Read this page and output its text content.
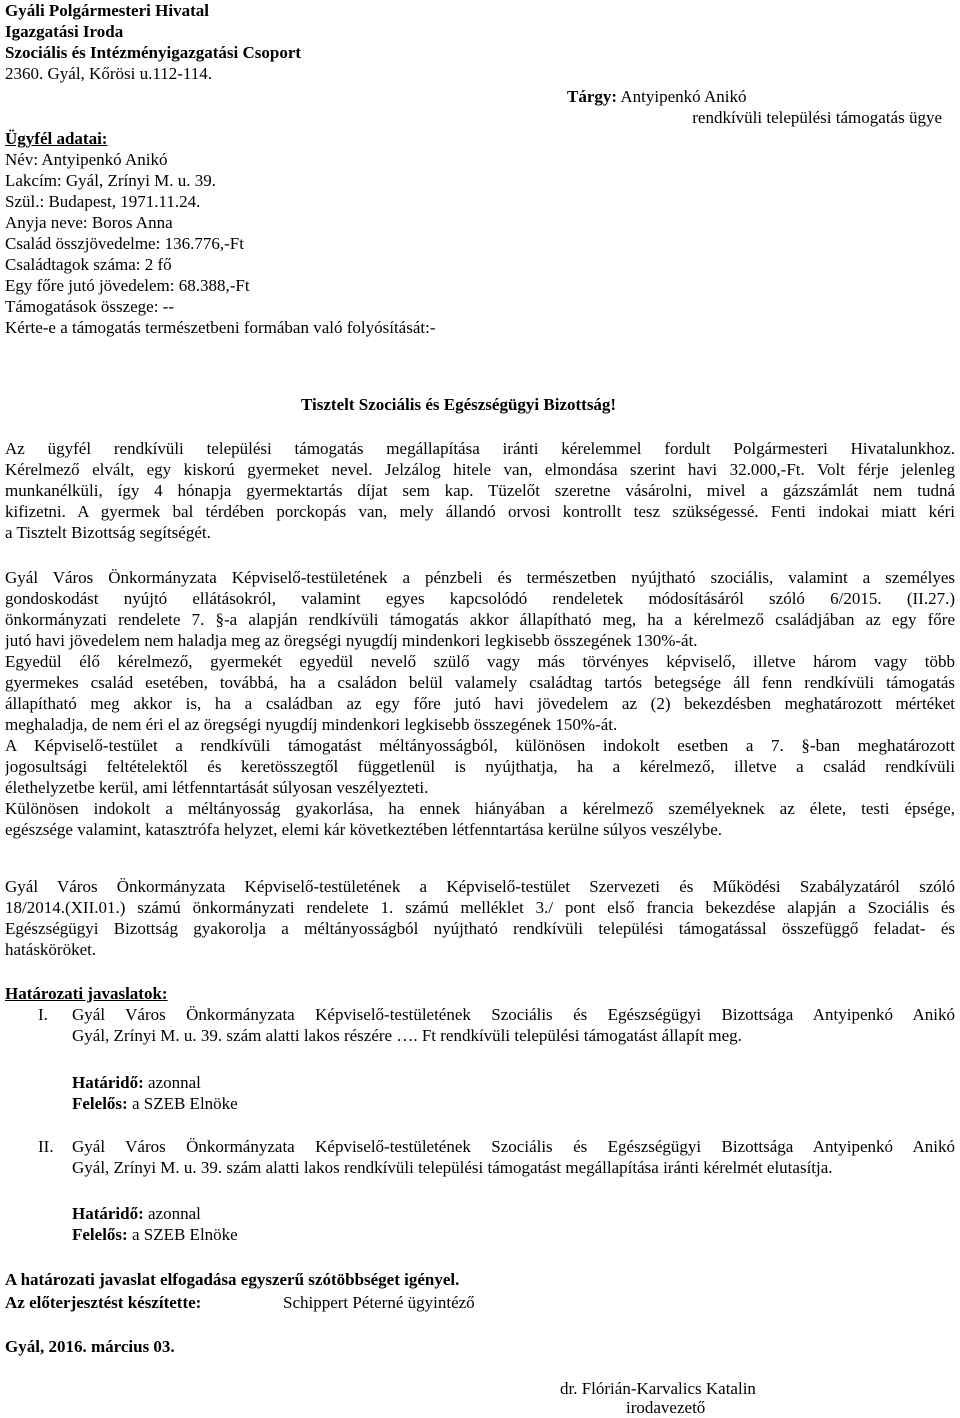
Gyáli Polgármesteri Hivatal
Igazgatási Iroda
Szociális és Intézményigazgatási Csoport
2360. Gyál, Kőrösi u.112-114.
Tárgy: Antyipenkó Anikó
rendkívüli települési támogatás ügye
Ügyfél adatai:
Név: Antyipenkó Anikó
Lakcím: Gyál, Zrínyi M. u. 39.
Szül.: Budapest, 1971.11.24.
Anyja neve: Boros Anna
Család összjövedelme: 136.776,-Ft
Családtagok száma: 2 fő
Egy főre jutó jövedelem: 68.388,-Ft
Támogatások összege: --
Kérte-e a támogatás természetbeni formában való folyósítását:-
Tisztelt Szociális és Egészségügyi Bizottság!
Az ügyfél rendkívüli települési támogatás megállapítása iránti kérelemmel fordult Polgármesteri Hivatalunkhoz.
Kérelmező elvált, egy kiskorú gyermeket nevel. Jelzálog hitele van, elmondása szerint havi 32.000,-Ft. Volt férje jelenleg
munkanélküli, így 4 hónapja gyermektartás díjat sem kap. Tüzelőt szeretne vásárolni, mivel a gázszámlát nem tudná
kifizetni. A gyermek bal térdében porckopás van, mely állandó orvosi kontrollt tesz szükségessé. Fenti indokai miatt kéri
a Tisztelt Bizottság segítségét.
Gyál Város Önkormányzata Képviselő-testületének a pénzbeli és természetben nyújtható szociális, valamint a személyes
gondoskodást nyújtó ellátásokról, valamint egyes kapcsolódó rendeletek módosításáról szóló 6/2015. (II.27.)
önkormányzati rendelete 7. §-a alapján rendkívüli támogatás akkor állapítható meg, ha a kérelmező családjában az egy főre
jutó havi jövedelem nem haladja meg az öregségi nyugdíj mindenkori legkisebb összegének 130%-át.
Egyedül élő kérelmező, gyermekét egyedül nevelő szülő vagy más törvényes képviselő, illetve három vagy több
gyermekes család esetében, továbbá, ha a családon belül valamely családtag tartós betegsége áll fenn rendkívüli támogatás
állapítható meg akkor is, ha a családban az egy főre jutó havi jövedelem az (2) bekezdésben meghatározott mértéket
meghaladja, de nem éri el az öregségi nyugdíj mindenkori legkisebb összegének 150%-át.
A Képviselő-testület a rendkívüli támogatást méltányosságból, különösen indokolt esetben a 7. §-ban meghatározott
jogosultsági feltételektől és keretösszegtől függetlenül is nyújthatja, ha a kérelmező, illetve a család rendkívüli
élethelyzetbe kerül, ami létfenntartását súlyosan veszélyezteti.
Különösen indokolt a méltányosság gyakorlása, ha ennek hiányában a kérelmező személyeknek az élete, testi épsége,
egészsége valamint, katasztrófa helyzet, elemi kár következtében létfenntartása kerülne súlyos veszélybe.
Gyál Város Önkormányzata Képviselő-testületének a Képviselő-testület Szervezeti és Működési Szabályzatáról szóló
18/2014.(XII.01.) számú önkormányzati rendelete 1. számú melléklet 3./ pont első francia bekezdése alapján a Szociális és
Egészségügyi Bizottság gyakorolja a méltányosságból nyújtható rendkívüli települési támogatással összefüggő feladat- és
hatásköröket.
Határozati javaslatok:
I. Gyál Város Önkormányzata Képviselő-testületének Szociális és Egészségügyi Bizottsága Antyipenkó Anikó
Gyál, Zrínyi M. u. 39. szám alatti lakos részére …. Ft rendkívüli települési támogatást állapít meg.
Határidő: azonnal
Felelős: a SZEB Elnöke
II. Gyál Város Önkormányzata Képviselő-testületének Szociális és Egészségügyi Bizottsága Antyipenkó Anikó
Gyál, Zrínyi M. u. 39. szám alatti lakos rendkívüli települési támogatást megállapítása iránti kérelmét elutasítja.
Határidő: azonnal
Felelős: a SZEB Elnöke
A határozati javaslat elfogadása egyszerű szótöbbséget igényel.
Az előterjesztést készítette:	Schippert Péterné ügyintéző
Gyál, 2016. március 03.
dr. Flórián-Karvalics Katalin
irodavezető
